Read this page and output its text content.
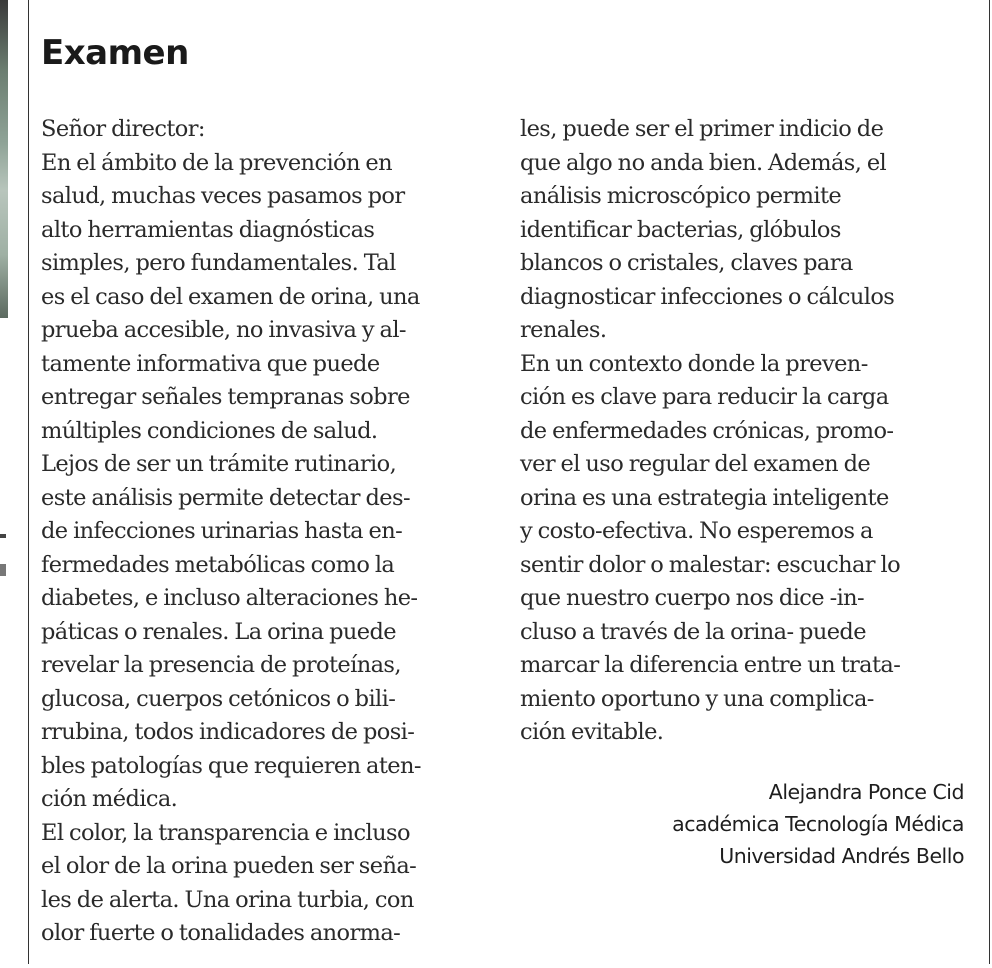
Examen
Señor director:
En el ámbito de la prevención en
salud, muchas veces pasamos por
alto herramientas diagnósticas
simples, pero fundamentales. Tal
es el caso del examen de orina, una
prueba accesible, no invasiva y al-
tamente informativa que puede
entregar señales tempranas sobre
múltiples condiciones de salud.
Lejos de ser un trámite rutinario,
este análisis permite detectar des-
de infecciones urinarias hasta en-
fermedades metabólicas como la
diabetes, e incluso alteraciones he-
páticas o renales. La orina puede
revelar la presencia de proteínas,
glucosa, cuerpos cetónicos o bili-
rrubina, todos indicadores de posi-
bles patologías que requieren aten-
ción médica.
El color, la transparencia e incluso
el olor de la orina pueden ser seña-
les de alerta. Una orina turbia, con
olor fuerte o tonalidades anorma-
les, puede ser el primer indicio de
que algo no anda bien. Además, el
análisis microscópico permite
identificar bacterias, glóbulos
blancos o cristales, claves para
diagnosticar infecciones o cálculos
renales.
En un contexto donde la preven-
ción es clave para reducir la carga
de enfermedades crónicas, promo-
ver el uso regular del examen de
orina es una estrategia inteligente
y costo-efectiva. No esperemos a
sentir dolor o malestar: escuchar lo
que nuestro cuerpo nos dice -in-
cluso a través de la orina- puede
marcar la diferencia entre un trata-
miento oportuno y una complica-
ción evitable.
Alejandra Ponce Cid
académica Tecnología Médica
Universidad Andrés Bello
